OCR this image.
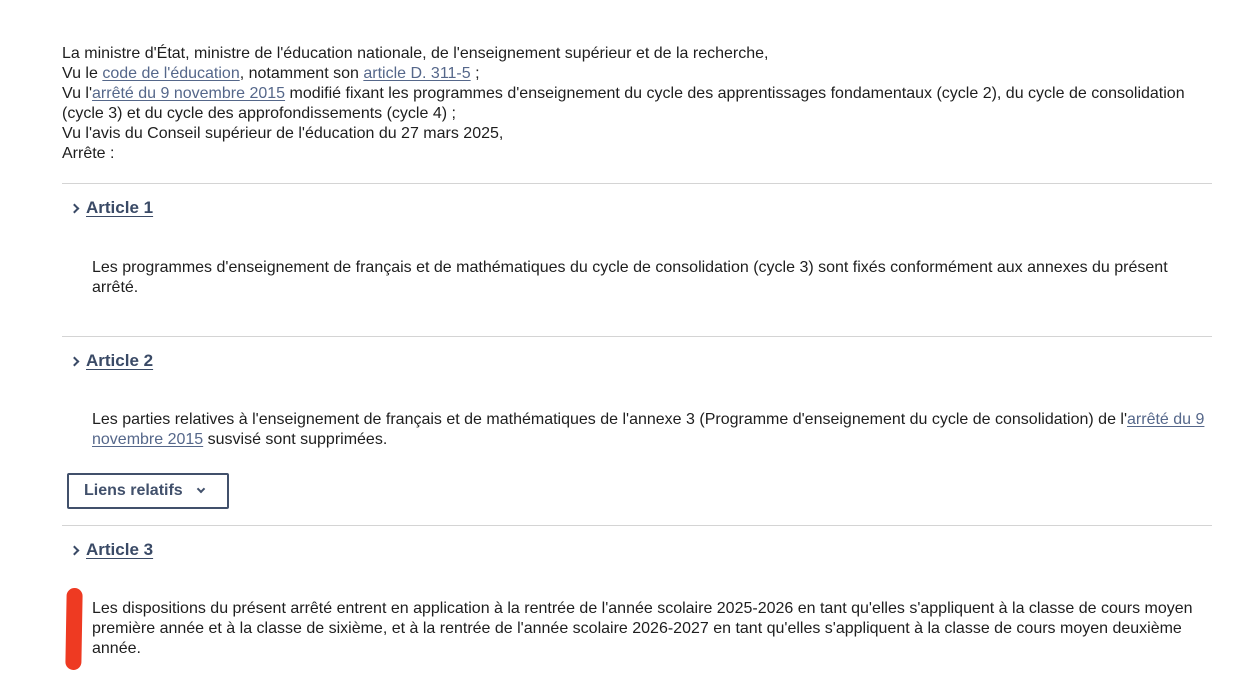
La ministre d'État, ministre de l'éducation nationale, de l'enseignement supérieur et de la recherche,

Vu le code de l'éducation, notamment son article D. 311-5 ;

Vu l'arrêté du 9 novembre 2015 modifié fixant les programmes d'enseignement du cycle des apprentissages fondamentaux (cycle 2), du cycle de consolidation (cycle 3) et du cycle des approfondissements (cycle 4) ;

Vu l'avis du Conseil supérieur de l'éducation du 27 mars 2025,

Arrête :

Article 1

Les programmes d'enseignement de français et de mathématiques du cycle de consolidation (cycle 3) sont fixés conformément aux annexes du présent arrêté.

Article 2

Les parties relatives à l'enseignement de français et de mathématiques de l'annexe 3 (Programme d'enseignement du cycle de consolidation) de l'arrêté du 9 novembre 2015 susvisé sont supprimées.

Liens relatifs
Article 3

Les dispositions du présent arrêté entrent en application à la rentrée de l'année scolaire 2025-2026 en tant qu'elles s'appliquent à la classe de cours moyen première année et à la classe de sixième, et à la rentrée de l'année scolaire 2026-2027 en tant qu'elles s'appliquent à la classe de cours moyen deuxième année.
